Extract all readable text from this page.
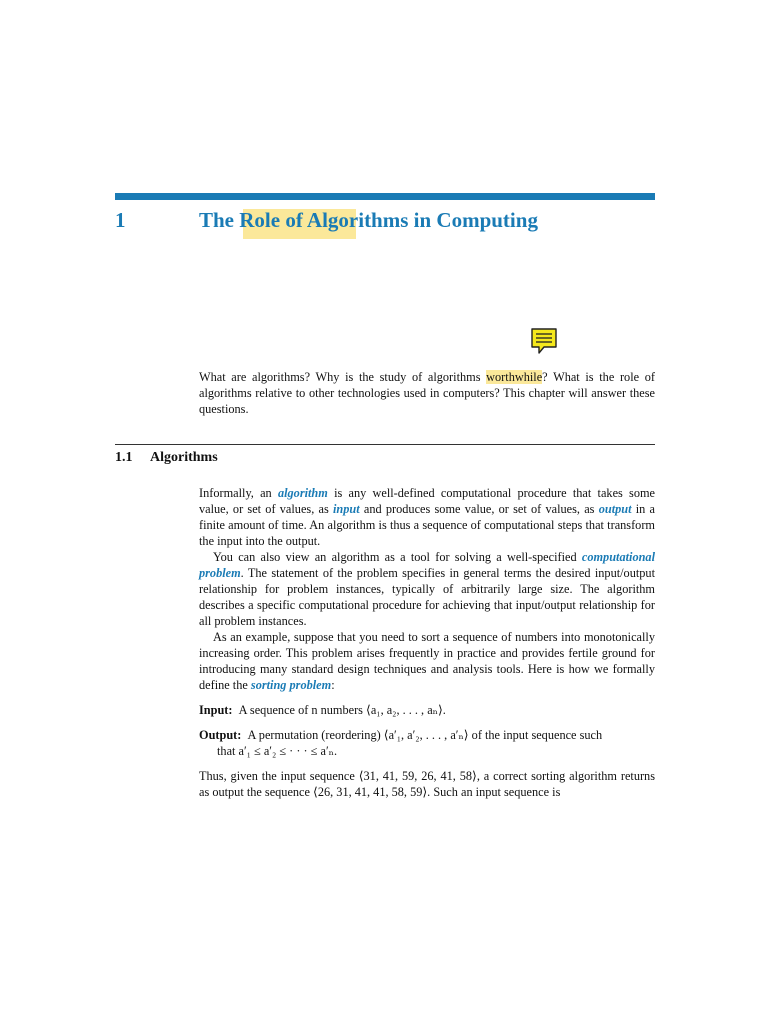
1	The Role of Algorithms in Computing

What are algorithms? Why is the study of algorithms worthwhile? What is the role of algorithms relative to other technologies used in computers? This chapter will answer these questions.

1.1 Algorithms

Informally, an algorithm is any well-defined computational procedure that takes some value, or set of values, as input and produces some value, or set of values, as output in a finite amount of time. An algorithm is thus a sequence of computational steps that transform the input into the output.

You can also view an algorithm as a tool for solving a well-specified computational problem. The statement of the problem specifies in general terms the desired input/output relationship for problem instances, typically of arbitrarily large size. The algorithm describes a specific computational procedure for achieving that input/output relationship for all problem instances.

As an example, suppose that you need to sort a sequence of numbers into monotonically increasing order. This problem arises frequently in practice and provides fertile ground for introducing many standard design techniques and analysis tools. Here is how we formally define the sorting problem:

Input: A sequence of n numbers ⟨a₁, a₂, . . . , aₙ⟩.

Output: A permutation (reordering) ⟨a′₁, a′₂, . . . , a′ₙ⟩ of the input sequence such
that a′₁ ≤ a′₂ ≤ · · · ≤ a′ₙ.

Thus, given the input sequence ⟨31, 41, 59, 26, 41, 58⟩, a correct sorting algorithm returns as output the sequence ⟨26, 31, 41, 41, 58, 59⟩. Such an input sequence is
